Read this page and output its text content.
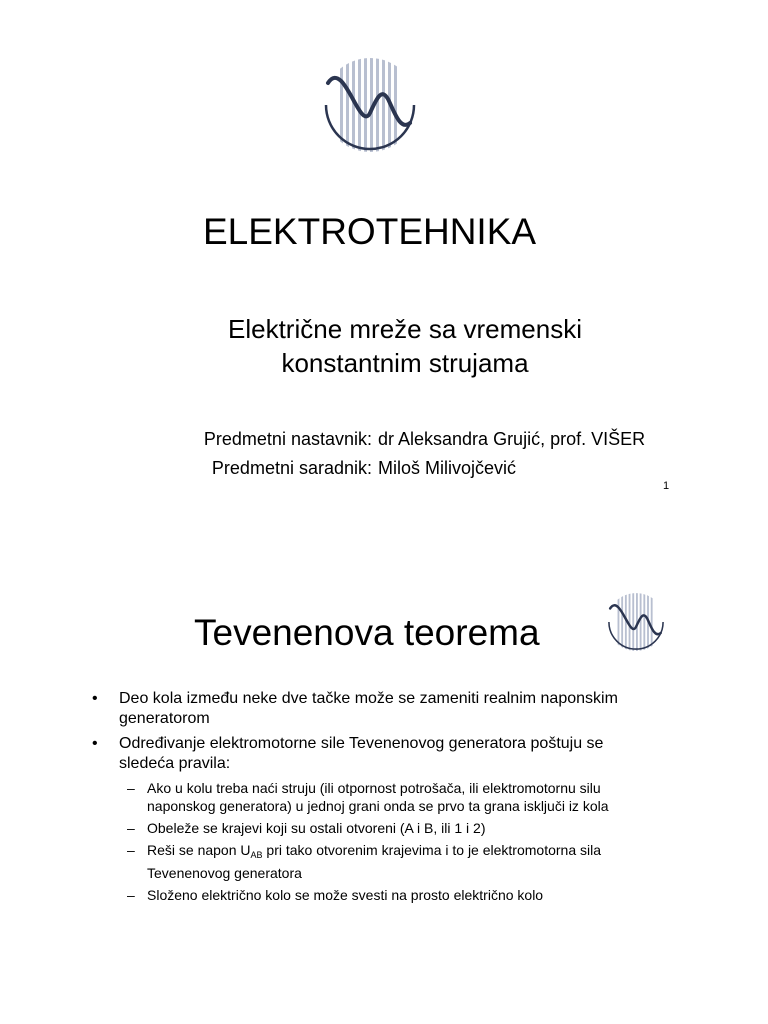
ELEKTROTEHNIKA
Električne mreže sa vremenski
konstantnim strujama
Predmetni nastavnik:
Predmetni saradnik:
dr Aleksandra Grujić, prof. VIŠER
Miloš Milivojčević
1
Tevenenova teorema
• Deo kola između neke dve tačke može se zameniti realnim naponskim generatorom
• Određivanje elektromotorne sile Tevenenovog generatora poštuju se sledeća pravila:
– Ako u kolu treba naći struju (ili otpornost potrošača, ili elektromotornu silu naponskog generatora) u jednoj grani onda se prvo ta grana isključi iz kola
– Obeleže se krajevi koji su ostali otvoreni (A i B, ili 1 i 2)
– Reši se napon $U_{AB}$ pri tako otvorenim krajevima i to je elektromotorna sila Tevenenovog generatora
– Složeno električno kolo se može svesti na prosto električno kolo
